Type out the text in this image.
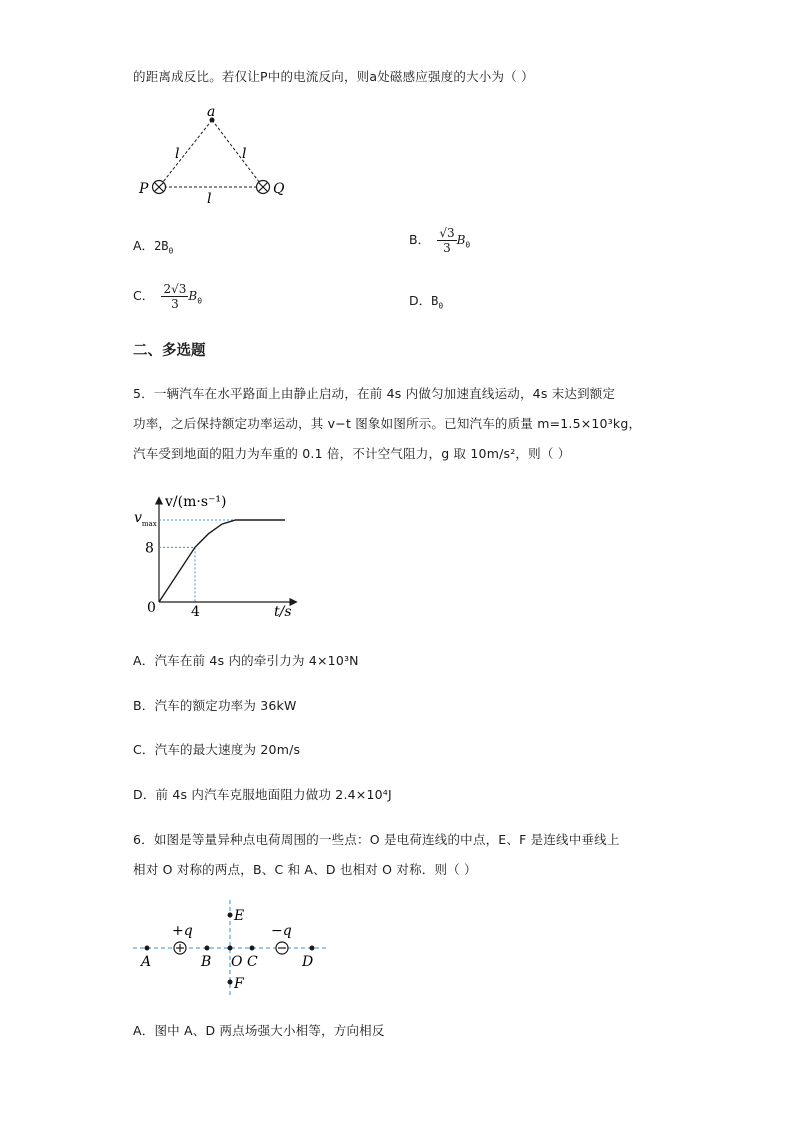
的距离成反比。若仅让P中的电流反向，则a处磁感应强度的大小为（ ）
a
P	Q
l	l
l
A．$2B_0$
B． $\frac{√3}{3} B_0$
C． $\frac{2√3}{3} B_0$	D．$B_0$
二、多选题
5．一辆汽车在水平路面上由静止启动，在前 4s 内做匀加速直线运动，4s 末达到额定
功率，之后保持额定功率运动，其 v−t 图象如图所示。已知汽车的质量 m=1.5×10³kg，
汽车受到地面的阻力为车重的 0.1 倍，不计空气阻力，g 取 10m/s²，则（ ）
v/(m·s⁻¹)
t/s
0
8
4
$v_{max}$
A．汽车在前 4s 内的牵引力为 4×10³N
B．汽车的额定功率为 36kW
C．汽车的最大速度为 20m/s
D．前 4s 内汽车克服地面阻力做功 2.4×10⁴J
6．如图是等量异种点电荷周围的一些点：O 是电荷连线的中点，E、F 是连线中垂线上
相对 O 对称的两点，B、C 和 A、D 也相对 O 对称．则（ ）
+q	−q
A	B O C	D
E
F
A．图中 A、D 两点场强大小相等，方向相反
